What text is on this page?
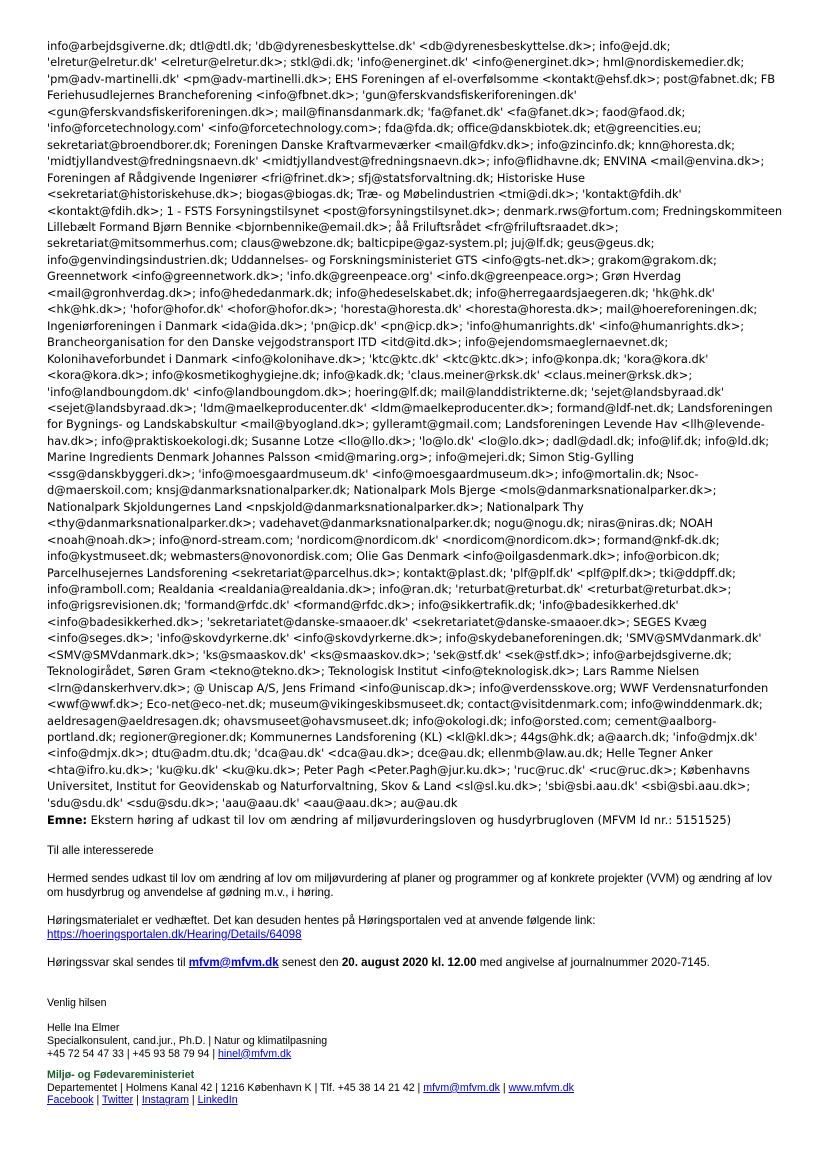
info@arbejdsgiverne.dk; dtl@dtl.dk; 'db@dyrenesbeskyttelse.dk' <db@dyrenesbeskyttelse.dk>; info@ejd.dk; 'elretur@elretur.dk' <elretur@elretur.dk>; stkl@di.dk; 'info@energinet.dk' <info@energinet.dk>; hml@nordiskemedier.dk; 'pm@adv-martinelli.dk' <pm@adv-martinelli.dk>; EHS Foreningen af el-overfølsomme <kontakt@ehsf.dk>; post@fabnet.dk; FB Feriehusudlejernes Brancheforening <info@fbnet.dk>; 'gun@ferskvandsfiskeriforeningen.dk' <gun@ferskvandsfiskeriforeningen.dk>; mail@finansdanmark.dk; 'fa@fanet.dk' <fa@fanet.dk>; faod@faod.dk; 'info@forcetechnology.com' <info@forcetechnology.com>; fda@fda.dk; office@danskbiotek.dk; et@greencities.eu; sekretariat@broendborer.dk; Foreningen Danske Kraftvarmeværker <mail@fdkv.dk>; info@zincinfo.dk; knn@horesta.dk; 'midtjyllandvest@fredningsnaevn.dk' <midtjyllandvest@fredningsnaevn.dk>; info@flidhavne.dk; ENVINA <mail@envina.dk>; Foreningen af Rådgivende Ingeniører <fri@frinet.dk>; sfj@statsforvaltning.dk; Historiske Huse <sekretariat@historiskehuse.dk>; biogas@biogas.dk; Træ- og Møbelindustrien <tmi@di.dk>; 'kontakt@fdih.dk' <kontakt@fdih.dk>; 1 - FSTS Forsyningstilsynet <post@forsyningstilsynet.dk>; denmark.rws@fortum.com; Fredningskommiteen Lillebælt Formand Bjørn Bennike <bjornbennike@email.dk>; åå Friluftsrådet <fr@friluftsraadet.dk>; sekretariat@mitsommerhus.com; claus@webzone.dk; balticpipe@gaz-system.pl; juj@lf.dk; geus@geus.dk; info@genvindingsindustrien.dk; Uddannelses- og Forskningsministeriet GTS <info@gts-net.dk>; grakom@grakom.dk; Greennetwork <info@greennetwork.dk>; 'info.dk@greenpeace.org' <info.dk@greenpeace.org>; Grøn Hverdag <mail@gronhverdag.dk>; info@hededanmark.dk; info@hedeselskabet.dk; info@herregaardsjaegeren.dk; 'hk@hk.dk' <hk@hk.dk>; 'hofor@hofor.dk' <hofor@hofor.dk>; 'horesta@horesta.dk' <horesta@horesta.dk>; mail@hoereforeningen.dk; Ingeniørforeningen i Danmark <ida@ida.dk>; 'pn@icp.dk' <pn@icp.dk>; 'info@humanrights.dk' <info@humanrights.dk>; Brancheorganisation for den Danske vejgodstransport ITD <itd@itd.dk>; info@ejendomsmaeglernaevnet.dk; Kolonihaveforbundet i Danmark <info@kolonihave.dk>; 'ktc@ktc.dk' <ktc@ktc.dk>; info@konpa.dk; 'kora@kora.dk' <kora@kora.dk>; info@kosmetikoghygiejne.dk; info@kadk.dk; 'claus.meiner@rksk.dk' <claus.meiner@rksk.dk>; 'info@landboungdom.dk' <info@landboungdom.dk>; hoering@lf.dk; mail@landdistrikterne.dk; 'sejet@landsbyraad.dk' <sejet@landsbyraad.dk>; 'ldm@maelkeproducenter.dk' <ldm@maelkeproducenter.dk>; formand@ldf-net.dk; Landsforeningen for Bygnings- og Landskabskultur <mail@byogland.dk>; gylleramt@gmail.com; Landsforeningen Levende Hav <llh@levende-hav.dk>; info@praktiskoekologi.dk; Susanne Lotze <llo@llo.dk>; 'lo@lo.dk' <lo@lo.dk>; dadl@dadl.dk; info@lif.dk; info@ld.dk; Marine Ingredients Denmark Johannes Palsson <mid@maring.org>; info@mejeri.dk; Simon Stig-Gylling <ssg@danskbyggeri.dk>; 'info@moesgaardmuseum.dk' <info@moesgaardmuseum.dk>; info@mortalin.dk; Nsoc-d@maerskoil.com; knsj@danmarksnationalparker.dk; Nationalpark Mols Bjerge <mols@danmarksnationalparker.dk>; Nationalpark Skjoldungernes Land <npskjold@danmarksnationalparker.dk>; Nationalpark Thy <thy@danmarksnationalparker.dk>; vadehavet@danmarksnationalparker.dk; nogu@nogu.dk; niras@niras.dk; NOAH <noah@noah.dk>; info@nord-stream.com; 'nordicom@nordicom.dk' <nordicom@nordicom.dk>; formand@nkf-dk.dk; info@kystmuseet.dk; webmasters@novonordisk.com; Olie Gas Denmark <info@oilgasdenmark.dk>; info@orbicon.dk; Parcelhusejernes Landsforening <sekretariat@parcelhus.dk>; kontakt@plast.dk; 'plf@plf.dk' <plf@plf.dk>; tki@ddpff.dk; info@ramboll.com; Realdania <realdania@realdania.dk>; info@ran.dk; 'returbat@returbat.dk' <returbat@returbat.dk>; info@rigsrevisionen.dk; 'formand@rfdc.dk' <formand@rfdc.dk>; info@sikkertrafik.dk; 'info@badesikkerhed.dk' <info@badesikkerhed.dk>; 'sekretariatet@danske-smaaoer.dk' <sekretariatet@danske-smaaoer.dk>; SEGES Kvæg <info@seges.dk>; 'info@skovdyrkerne.dk' <info@skovdyrkerne.dk>; info@skydebaneforeningen.dk; 'SMV@SMVdanmark.dk' <SMV@SMVdanmark.dk>; 'ks@smaaskov.dk' <ks@smaaskov.dk>; 'sek@stf.dk' <sek@stf.dk>; info@arbejdsgiverne.dk; Teknologirådet, Søren Gram <tekno@tekno.dk>; Teknologisk Institut <info@teknologisk.dk>; Lars Ramme Nielsen <lrn@danskerhverv.dk>; @ Uniscap A/S, Jens Frimand <info@uniscap.dk>; info@verdensskove.org; WWF Verdensnaturfonden <wwf@wwf.dk>; Eco-net@eco-net.dk; museum@vikingeskibsmuseet.dk; contact@visitdenmark.com; info@winddenmark.dk; aeldresagen@aeldresagen.dk; ohavsmuseet@ohavsmuseet.dk; info@okologi.dk; info@orsted.com; cement@aalborg-portland.dk; regioner@regioner.dk; Kommunernes Landsforening (KL) <kl@kl.dk>; 44gs@hk.dk; a@aarch.dk; 'info@dmjx.dk' <info@dmjx.dk>; dtu@adm.dtu.dk; 'dca@au.dk' <dca@au.dk>; dce@au.dk; ellenmb@law.au.dk; Helle Tegner Anker <hta@ifro.ku.dk>; 'ku@ku.dk' <ku@ku.dk>; Peter Pagh <Peter.Pagh@jur.ku.dk>; 'ruc@ruc.dk' <ruc@ruc.dk>; Københavns Universitet, Institut for Geovidenskab og Naturforvaltning, Skov & Land <sl@sl.ku.dk>; 'sbi@sbi.aau.dk' <sbi@sbi.aau.dk>; 'sdu@sdu.dk' <sdu@sdu.dk>; 'aau@aau.dk' <aau@aau.dk>; au@au.dk
Emne: Ekstern høring af udkast til lov om ændring af miljøvurderingsloven og husdyrbrugloven (MFVM Id nr.: 5151525)

Til alle interesserede

Hermed sendes udkast til lov om ændring af lov om miljøvurdering af planer og programmer og af konkrete projekter (VVM) og ændring af lov om husdyrbrug og anvendelse af gødning m.v., i høring.

Høringsmaterialet er vedhæftet. Det kan desuden hentes på Høringsportalen ved at anvende følgende link:

https://hoeringsportalen.dk/Hearing/Details/64098

Høringssvar skal sendes til mfvm@mfvm.dk senest den 20. august 2020 kl. 12.00 med angivelse af journalnummer 2020-7145.

Venlig hilsen

Helle Ina Elmer

Specialkonsulent, cand.jur., Ph.D. | Natur og klimatilpasning

+45 72 54 47 33 | +45 93 58 79 94 | hinel@mfvm.dk

Miljø- og Fødevareministeriet

Departementet | Holmens Kanal 42 | 1216 København K | Tlf. +45 38 14 21 42 | mfvm@mfvm.dk | www.mfvm.dk

Facebook | Twitter | Instagram | LinkedIn
